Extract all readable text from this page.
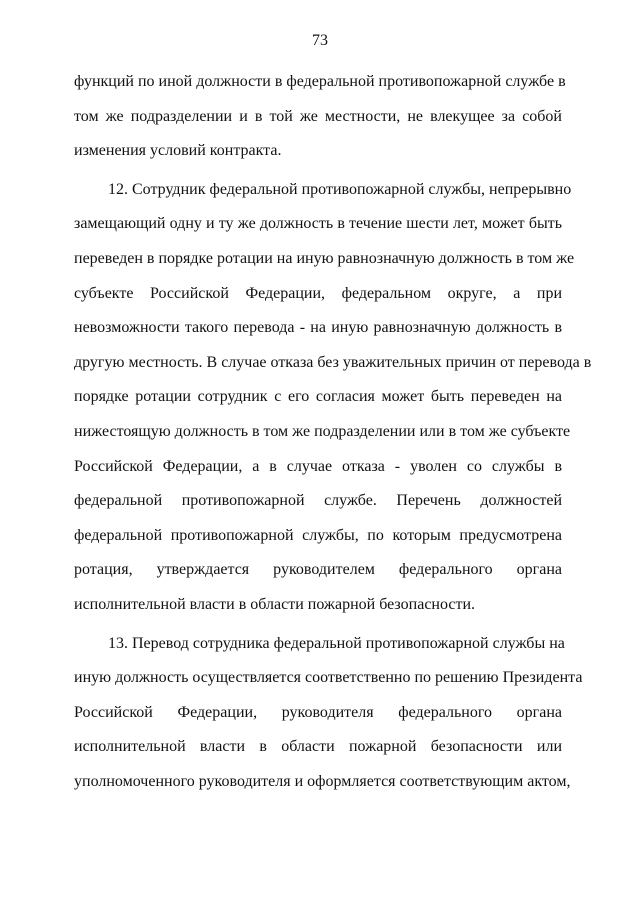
73
функций по иной должности в федеральной противопожарной службе в
том же подразделении и в той же местности, не влекущее за собой
изменения условий контракта.
12. Сотрудник федеральной противопожарной службы, непрерывно
замещающий одну и ту же должность в течение шести лет, может быть
переведен в порядке ротации на иную равнозначную должность в том же
субъекте Российской Федерации, федеральном округе, а при
невозможности такого перевода - на иную равнозначную должность в
другую местность. В случае отказа без уважительных причин от перевода в
порядке ротации сотрудник с его согласия может быть переведен на
нижестоящую должность в том же подразделении или в том же субъекте
Российской Федерации, а в случае отказа - уволен со службы в
федеральной противопожарной службе. Перечень должностей
федеральной противопожарной службы, по которым предусмотрена
ротация, утверждается руководителем федерального органа
исполнительной власти в области пожарной безопасности.
13. Перевод сотрудника федеральной противопожарной службы на
иную должность осуществляется соответственно по решению Президента
Российской Федерации, руководителя федерального органа
исполнительной власти в области пожарной безопасности или
уполномоченного руководителя и оформляется соответствующим актом,
